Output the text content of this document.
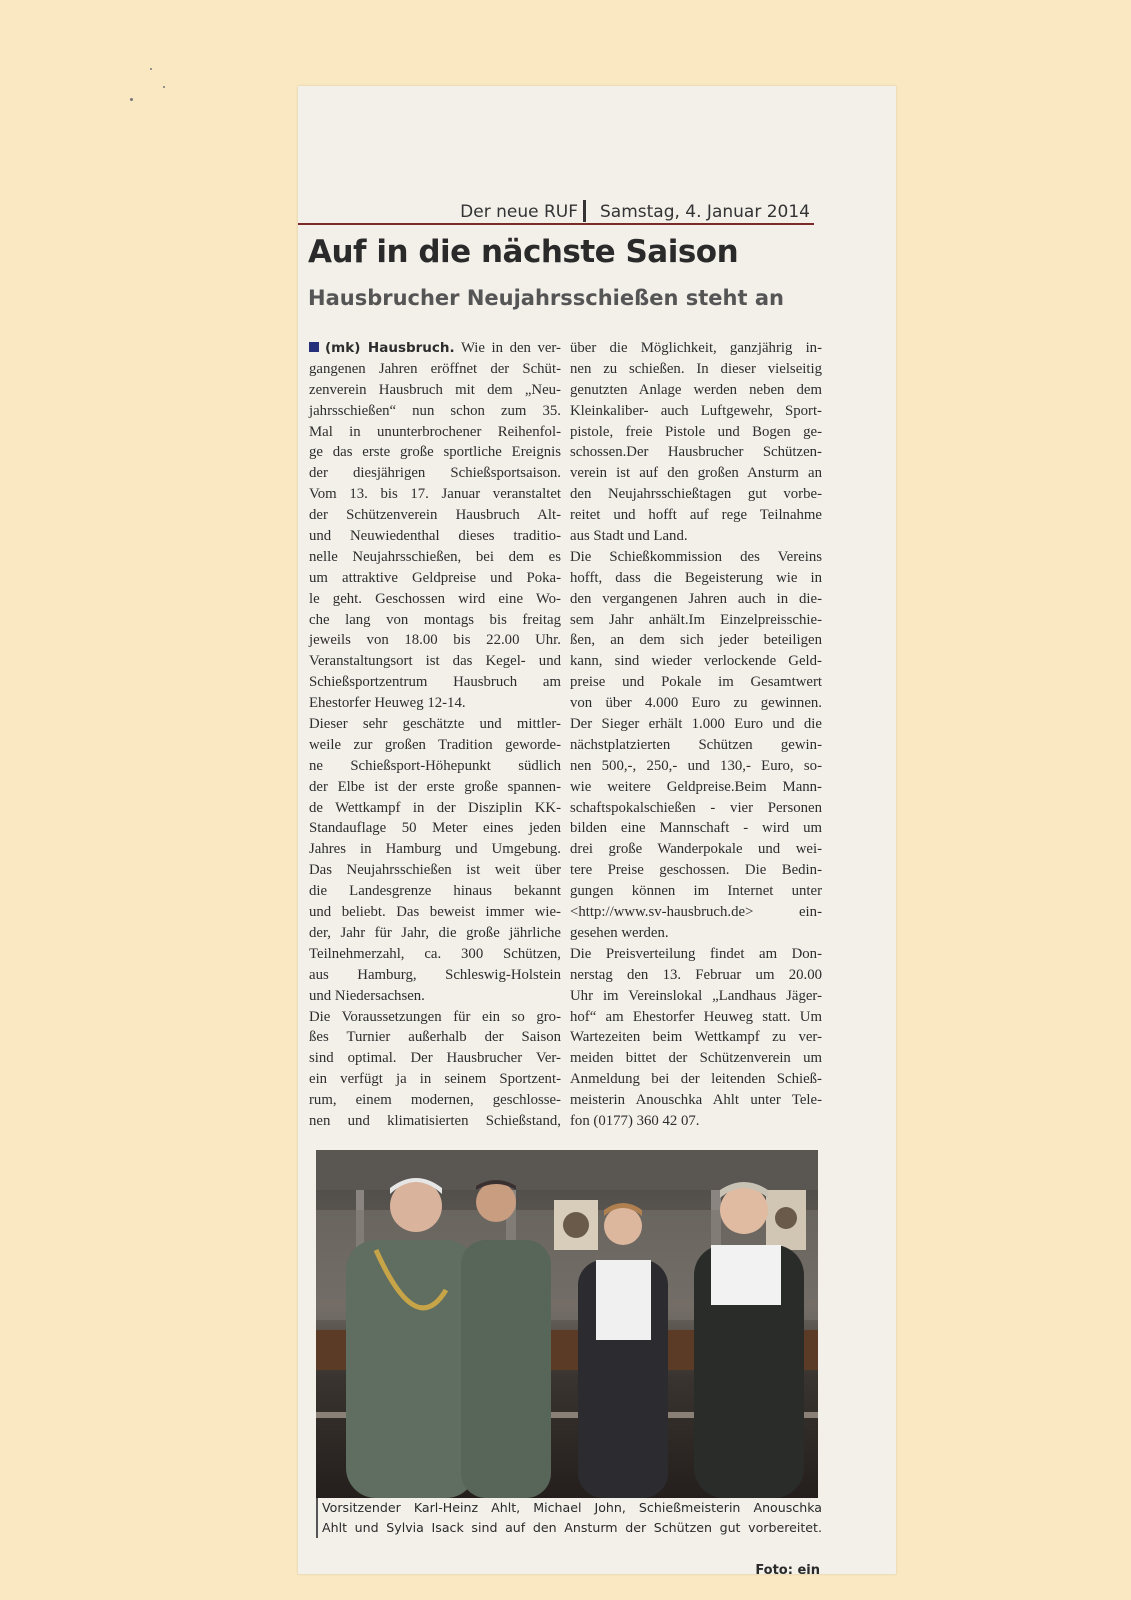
Der neue RUF Samstag, 4. Januar 2014
Auf in die nächste Saison
Hausbrucher Neujahrsschießen steht an
(mk) Hausbruch. Wie in den ver-
gangenen Jahren eröffnet der Schüt-
zenverein Hausbruch mit dem „Neu-
jahrsschießen“ nun schon zum 35.
Mal in ununterbrochener Reihenfol-
ge das erste große sportliche Ereignis
der diesjährigen Schießsportsaison.
Vom 13. bis 17. Januar veranstaltet
der Schützenverein Hausbruch Alt-
und Neuwiedenthal dieses traditio-
nelle Neujahrsschießen, bei dem es
um attraktive Geldpreise und Poka-
le geht. Geschossen wird eine Wo-
che lang von montags bis freitag
jeweils von 18.00 bis 22.00 Uhr.
Veranstaltungsort ist das Kegel- und
Schießsportzentrum Hausbruch am
Ehestorfer Heuweg 12-14.
Dieser sehr geschätzte und mittler-
weile zur großen Tradition geworde-
ne Schießsport-Höhepunkt südlich
der Elbe ist der erste große spannen-
de Wettkampf in der Disziplin KK-
Standauflage 50 Meter eines jeden
Jahres in Hamburg und Umgebung.
Das Neujahrsschießen ist weit über
die Landesgrenze hinaus bekannt
und beliebt. Das beweist immer wie-
der, Jahr für Jahr, die große jährliche
Teilnehmerzahl, ca. 300 Schützen,
aus Hamburg, Schleswig-Holstein
und Niedersachsen.
Die Voraussetzungen für ein so gro-
ßes Turnier außerhalb der Saison
sind optimal. Der Hausbrucher Ver-
ein verfügt ja in seinem Sportzent-
rum, einem modernen, geschlosse-
nen und klimatisierten Schießstand,
über die Möglichkeit, ganzjährig in-
nen zu schießen. In dieser vielseitig
genutzten Anlage werden neben dem
Kleinkaliber- auch Luftgewehr, Sport-
pistole, freie Pistole und Bogen ge-
schossen.Der Hausbrucher Schützen-
verein ist auf den großen Ansturm an
den Neujahrsschießtagen gut vorbe-
reitet und hofft auf rege Teilnahme
aus Stadt und Land.
Die Schießkommission des Vereins
hofft, dass die Begeisterung wie in
den vergangenen Jahren auch in die-
sem Jahr anhält.Im Einzelpreisschie-
ßen, an dem sich jeder beteiligen
kann, sind wieder verlockende Geld-
preise und Pokale im Gesamtwert
von über 4.000 Euro zu gewinnen.
Der Sieger erhält 1.000 Euro und die
nächstplatzierten Schützen gewin-
nen 500,-, 250,- und 130,- Euro, so-
wie weitere Geldpreise.Beim Mann-
schaftspokalschießen - vier Personen
bilden eine Mannschaft - wird um
drei große Wanderpokale und wei-
tere Preise geschossen. Die Bedin-
gungen können im Internet unter
<http://www.sv-hausbruch.de> ein-
gesehen werden.
Die Preisverteilung findet am Don-
nerstag den 13. Februar um 20.00
Uhr im Vereinslokal „Landhaus Jäger-
hof“ am Ehestorfer Heuweg statt. Um
Wartezeiten beim Wettkampf zu ver-
meiden bittet der Schützenverein um
Anmeldung bei der leitenden Schieß-
meisterin Anouschka Ahlt unter Tele-
fon (0177) 360 42 07.
Vorsitzender Karl-Heinz Ahlt, Michael John, Schießmeisterin Anouschka
Ahlt und Sylvia Isack sind auf den Ansturm der Schützen gut vorbereitet.
Foto: ein
